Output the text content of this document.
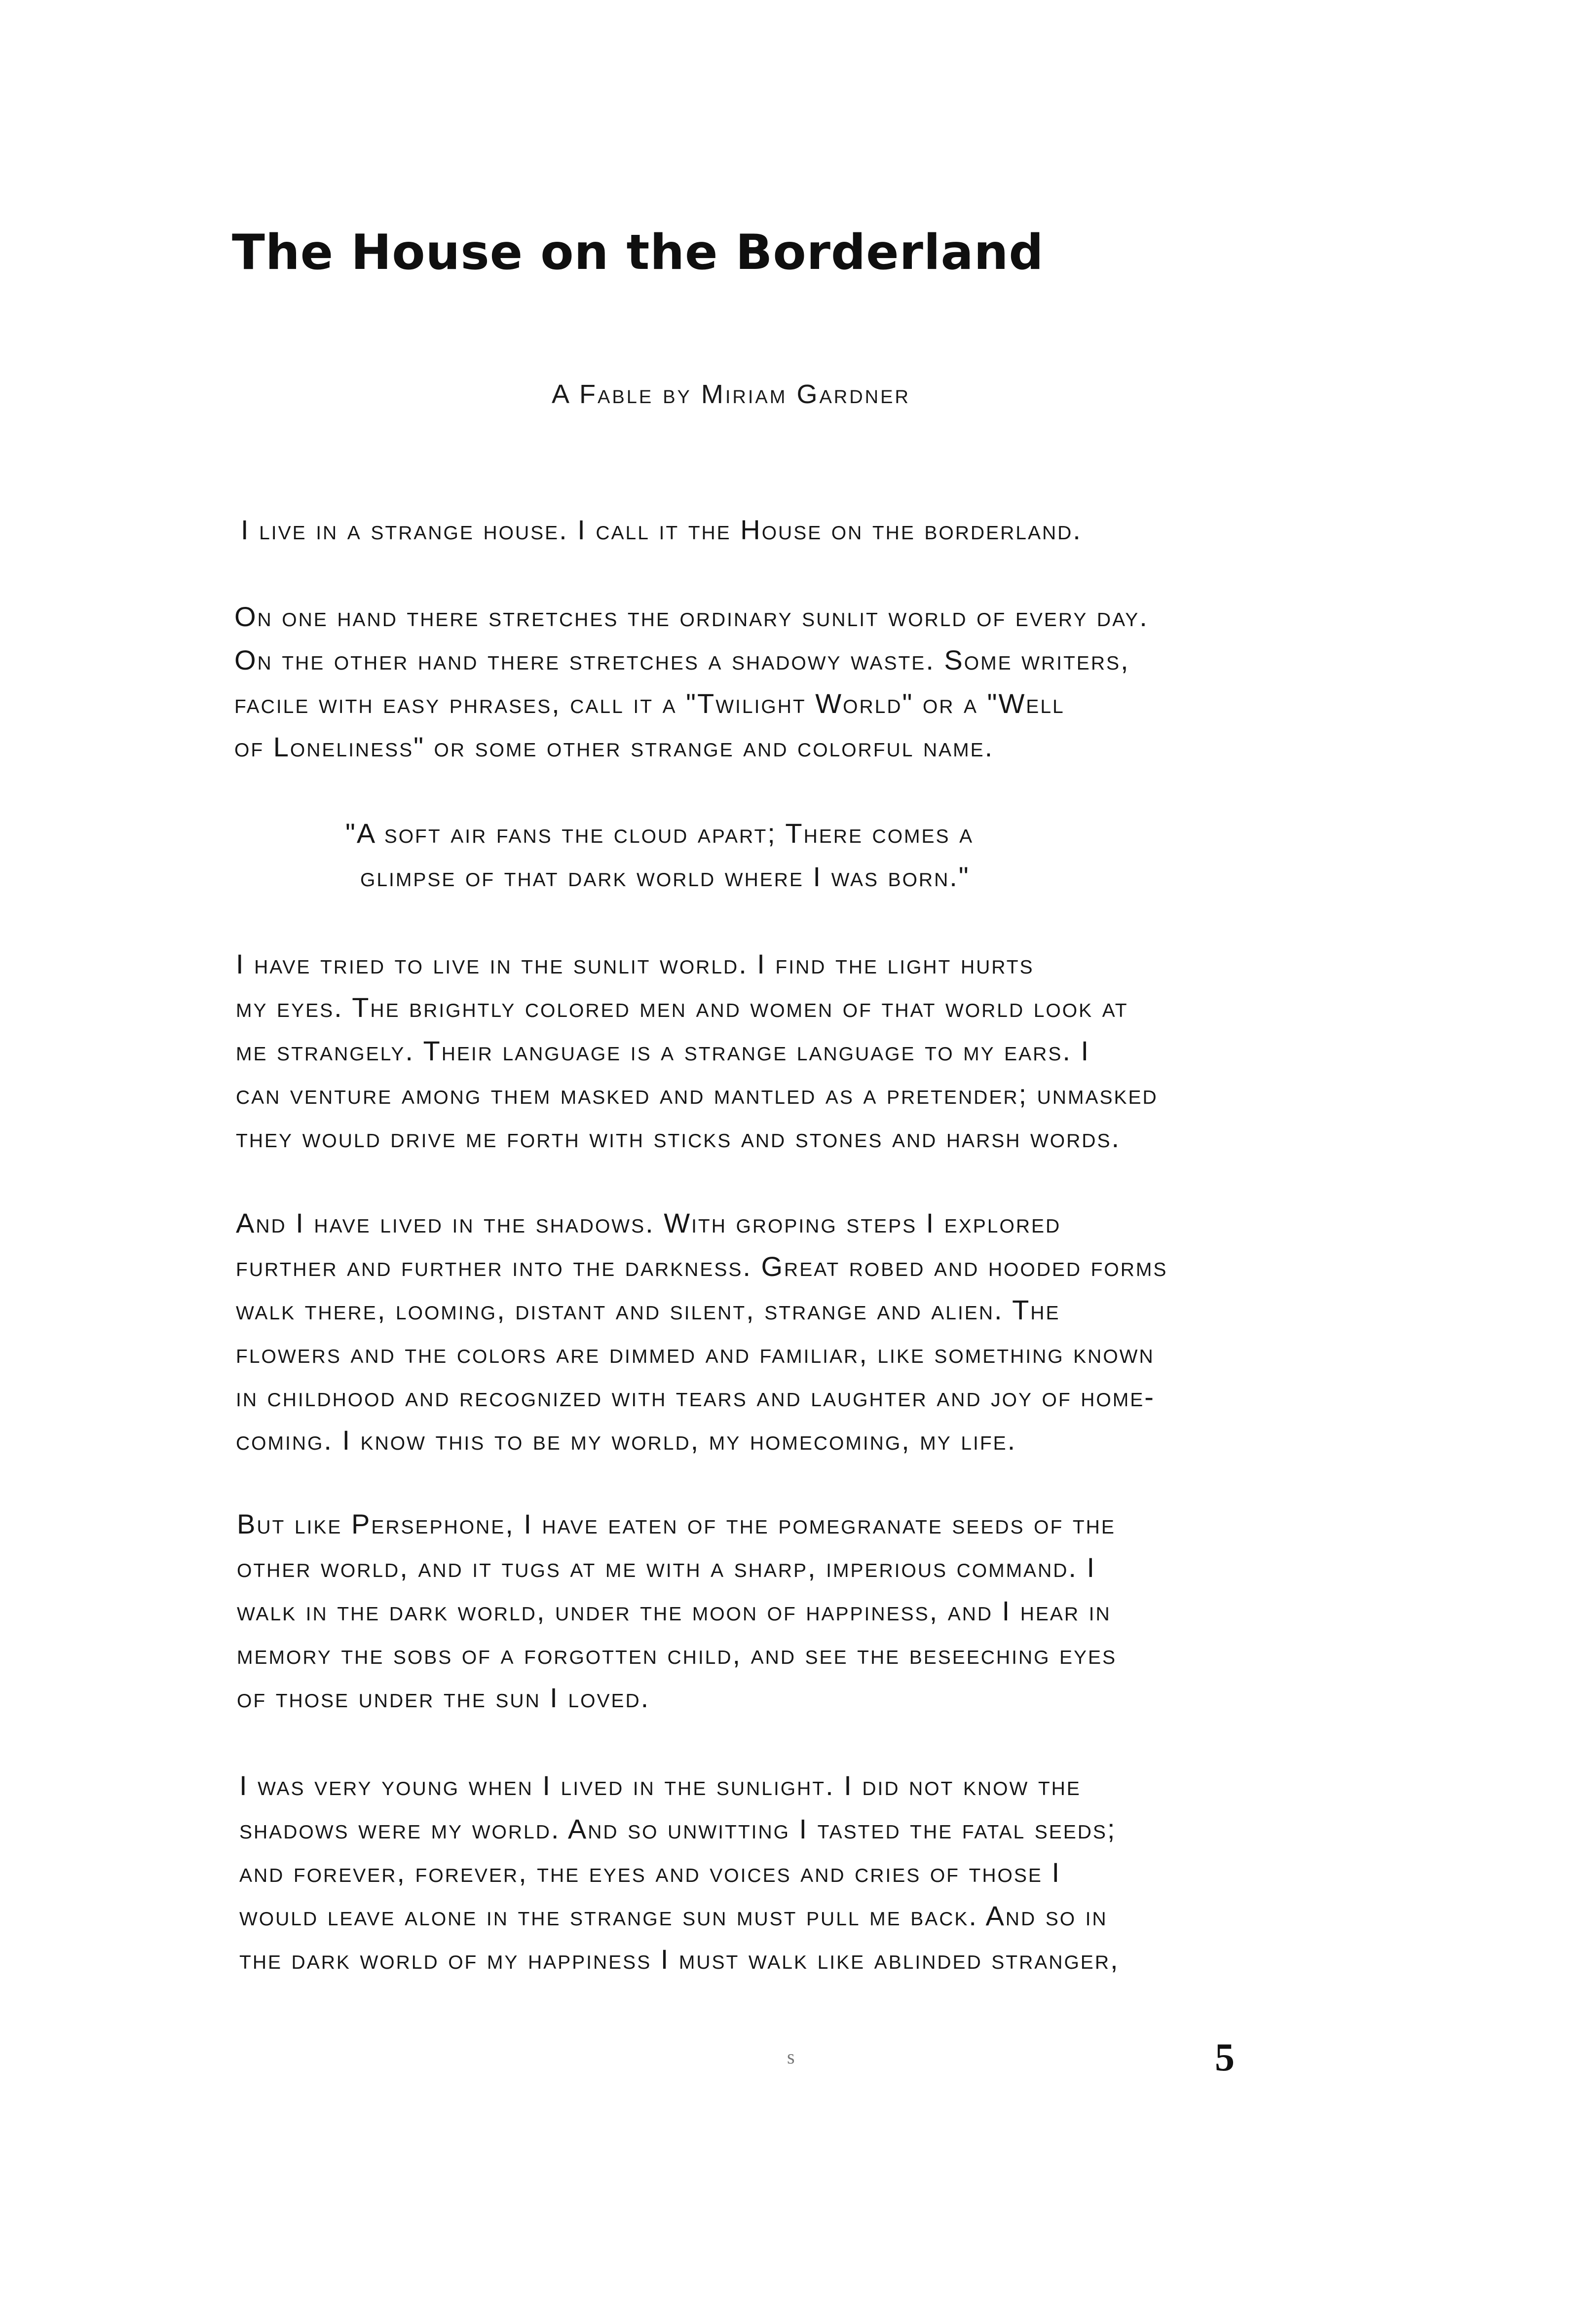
The House on the Borderland
A Fable by Miriam Gardner

I live in a strange house. I call it the House on the borderland.

On one hand there stretches the ordinary sunlit world of every day.
On the other hand there stretches a shadowy waste. Some writers,
facile with easy phrases, call it a "Twilight World" or a "Well
of Loneliness" or some other strange and colorful name.

"A soft air fans the cloud apart; There comes a
glimpse of that dark world where I was born."

I have tried to live in the sunlit world. I find the light hurts
my eyes. The brightly colored men and women of that world look at
me strangely. Their language is a strange language to my ears. I
can venture among them masked and mantled as a pretender; unmasked
they would drive me forth with sticks and stones and harsh words.

And I have lived in the shadows. With groping steps I explored
further and further into the darkness. Great robed and hooded forms
walk there, looming, distant and silent, strange and alien. The
flowers and the colors are dimmed and familiar, like something known
in childhood and recognized with tears and laughter and joy of home-
coming. I know this to be my world, my homecoming, my life.

But like Persephone, I have eaten of the pomegranate seeds of the
other world, and it tugs at me with a sharp, imperious command. I
walk in the dark world, under the moon of happiness, and I hear in
memory the sobs of a forgotten child, and see the beseeching eyes
of those under the sun I loved.

I was very young when I lived in the sunlight. I did not know the
shadows were my world. And so unwitting I tasted the fatal seeds;
and forever, forever, the eyes and voices and cries of those I
would leave alone in the strange sun must pull me back. And so in
the dark world of my happiness I must walk like ablinded stranger,

s	5
